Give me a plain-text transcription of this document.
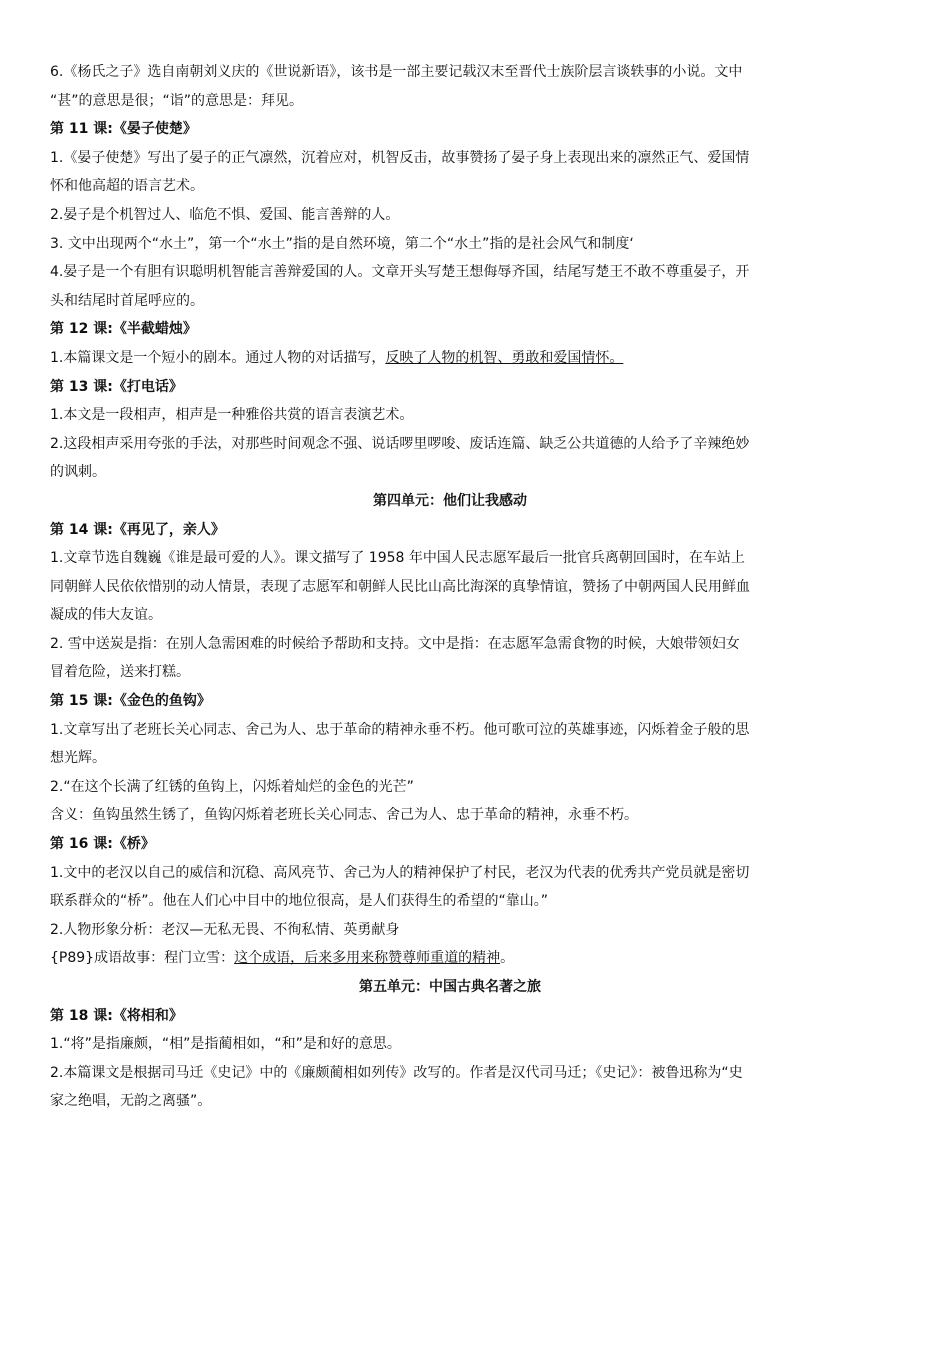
6.《杨氏之子》选自南朝刘义庆的《世说新语》，该书是一部主要记载汉末至晋代士族阶层言谈轶事的小说。文中
“甚”的意思是很；“诣”的意思是：拜见。
第 11 课:《晏子使楚》
1.《晏子使楚》写出了晏子的正气凛然，沉着应对，机智反击，故事赞扬了晏子身上表现出来的凛然正气、爱国情
怀和他高超的语言艺术。
2.晏子是个机智过人、临危不惧、爱国、能言善辩的人。
3. 文中出现两个“水土”，第一个“水土”指的是自然环境，第二个“水土”指的是社会风气和制度‘
4.晏子是一个有胆有识聪明机智能言善辩爱国的人。文章开头写楚王想侮辱齐国，结尾写楚王不敢不尊重晏子，开
头和结尾时首尾呼应的。
第 12 课:《半截蜡烛》
1.本篇课文是一个短小的剧本。通过人物的对话描写，反映了人物的机智、勇敢和爱国情怀。
第 13 课:《打电话》
1.本文是一段相声，相声是一种雅俗共赏的语言表演艺术。
2.这段相声采用夸张的手法，对那些时间观念不强、说话啰里啰唆、废话连篇、缺乏公共道德的人给予了辛辣绝妙
的讽刺。
第四单元：他们让我感动
第 14 课:《再见了，亲人》
1.文章节选自魏巍《谁是最可爱的人》。课文描写了 1958 年中国人民志愿军最后一批官兵离朝回国时，在车站上
同朝鲜人民依依惜别的动人情景，表现了志愿军和朝鲜人民比山高比海深的真挚情谊，赞扬了中朝两国人民用鲜血
凝成的伟大友谊。
2. 雪中送炭是指：在别人急需困难的时候给予帮助和支持。文中是指：在志愿军急需食物的时候，大娘带领妇女
冒着危险，送来打糕。
第 15 课:《金色的鱼钩》
1.文章写出了老班长关心同志、舍己为人、忠于革命的精神永垂不朽。他可歌可泣的英雄事迹，闪烁着金子般的思
想光辉。
2.“在这个长满了红锈的鱼钩上，闪烁着灿烂的金色的光芒”
含义：鱼钩虽然生锈了，鱼钩闪烁着老班长关心同志、舍己为人、忠于革命的精神，永垂不朽。
第 16 课:《桥》
1.文中的老汉以自己的威信和沉稳、高风亮节、舍己为人的精神保护了村民，老汉为代表的优秀共产党员就是密切
联系群众的“桥”。他在人们心中目中的地位很高，是人们获得生的希望的“靠山。”
2.人物形象分析：老汉—无私无畏、不徇私情、英勇献身
{P89}成语故事：程门立雪：这个成语，后来多用来称赞尊师重道的精神。
第五单元：中国古典名著之旅
第 18 课:《将相和》
1.“将”是指廉颇，“相”是指蔺相如，“和”是和好的意思。
2.本篇课文是根据司马迁《史记》中的《廉颇蔺相如列传》改写的。作者是汉代司马迁；《史记》：被鲁迅称为“史
家之绝唱，无韵之离骚”。
